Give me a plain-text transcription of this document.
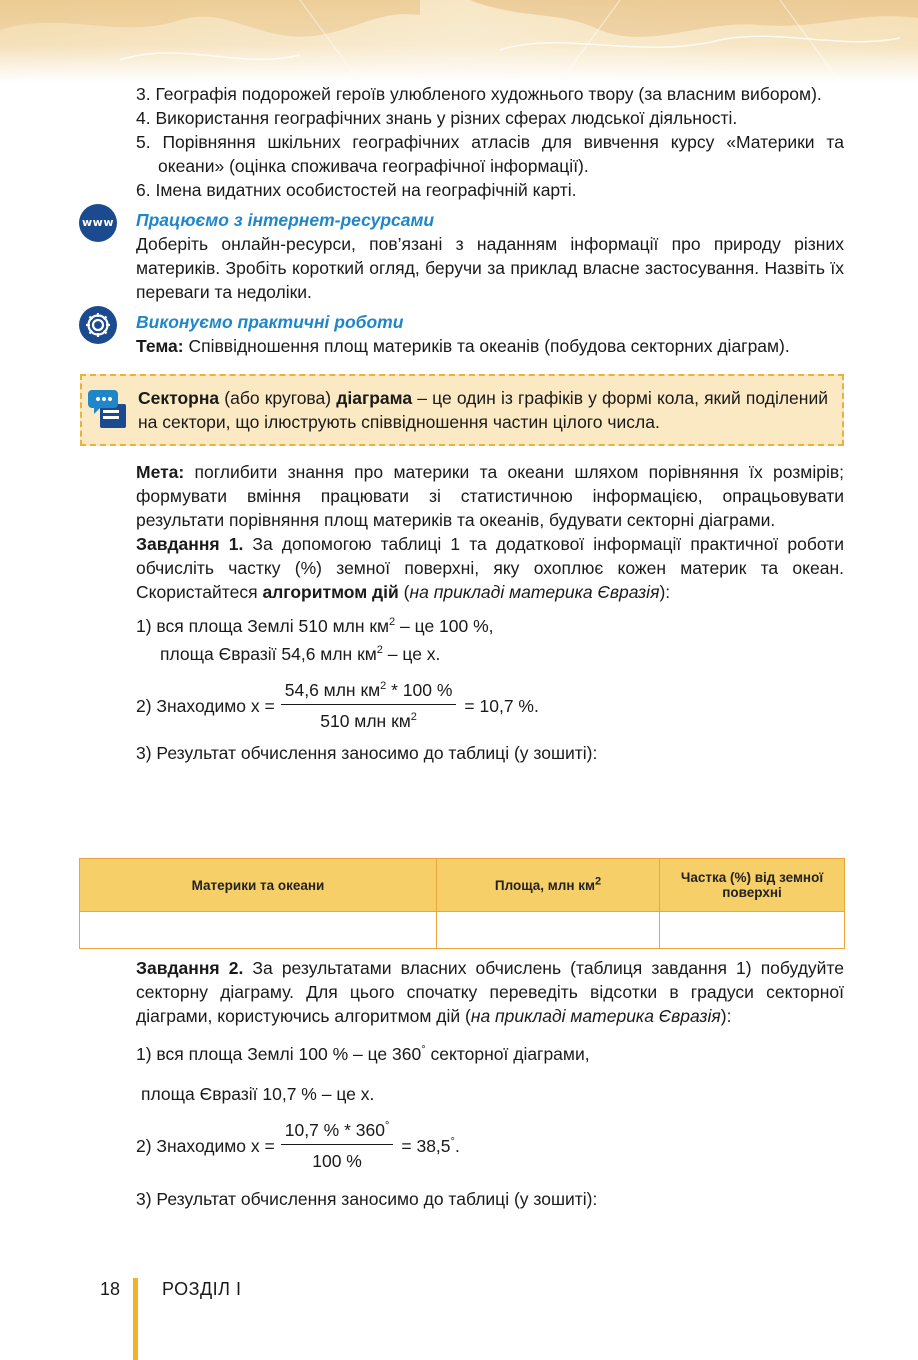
3. Географія подорожей героїв улюбленого художнього твору (за власним вибором).
4. Використання географічних знань у різних сферах людської діяльності.
5. Порівняння шкільних географічних атласів для вивчення курсу «Материки та океани» (оцінка споживача географічної інформації).
6. Імена видатних особистостей на географічній карті.
www Працюємо з інтернет-ресурсами
Доберіть онлайн-ресурси, пов’язані з наданням інформації про природу різних материків. Зробіть короткий огляд, беручи за приклад власне застосування. Назвіть їх переваги та недоліки.
Виконуємо практичні роботи
Тема: Співвідношення площ материків та океанів (побудова секторних діаграм).
Секторна (або кругова) діаграма – це один із графіків у формі кола, який поділений на сектори, що ілюструють співвідношення частин цілого числа.
Мета: поглибити знання про материки та океани шляхом порівняння їх розмірів; формувати вміння працювати зі статистичною інформацією, опрацьовувати результати порівняння площ материків та океанів, будувати секторні діаграми.
Завдання 1. За допомогою таблиці 1 та додаткової інформації практичної роботи обчисліть частку (%) земної поверхні, яку охоплює кожен материк та океан. Скористайтеся алгоритмом дій (на прикладі материка Євразія):
1) вся площа Землі 510 млн $км^2$ – це 100 %,
площа Євразії 54,6 млн $км^2$ – це х.
2) Знаходимо $х = \frac{54,6 млн км^2 * 100 \%}{510 млн км^2} = 10,7$ %.
3) Результат обчислення заносимо до таблиці (у зошиті):
Материки та океани	Площа, млн $км^2$	Частка (%) від земної поверхні

Завдання 2. За результатами власних обчислень (таблиця завдання 1) побудуйте секторну діаграму. Для цього спочатку переведіть відсотки в градуси секторної діаграми, користуючись алгоритмом дій (на прикладі материка Євразія):
1) вся площа Землі 100 % – це 360° секторної діаграми,
площа Євразії 10,7 % – це х.
2) Знаходимо $х = \frac{10,7 \% * 360^\circ}{100 \%} = 38,5^\circ$.
3) Результат обчислення заносимо до таблиці (у зошиті):
18 РОЗДІЛ І
